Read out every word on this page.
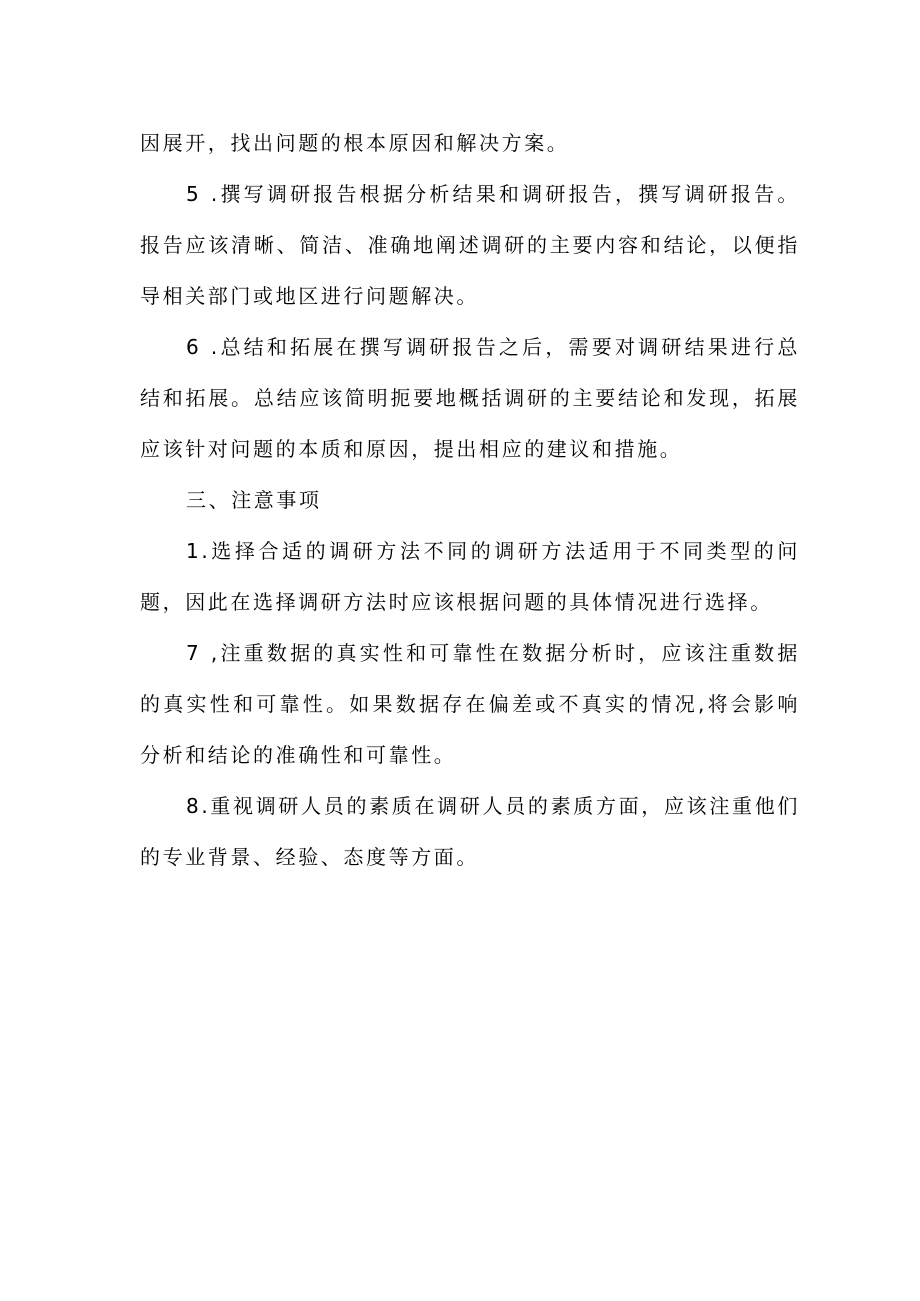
因展开，找出问题的根本原因和解决方案。

5 .撰写调研报告根据分析结果和调研报告，撰写调研报告。报告应该清晰、简洁、准确地阐述调研的主要内容和结论，以便指导相关部门或地区进行问题解决。

6 .总结和拓展在撰写调研报告之后，需要对调研结果进行总结和拓展。总结应该简明扼要地概括调研的主要结论和发现，拓展应该针对问题的本质和原因，提出相应的建议和措施。

三、注意事项

1.选择合适的调研方法不同的调研方法适用于不同类型的问题，因此在选择调研方法时应该根据问题的具体情况进行选择。

7 ,注重数据的真实性和可靠性在数据分析时，应该注重数据的真实性和可靠性。如果数据存在偏差或不真实的情况,将会影响分析和结论的准确性和可靠性。

8.重视调研人员的素质在调研人员的素质方面，应该注重他们的专业背景、经验、态度等方面。
